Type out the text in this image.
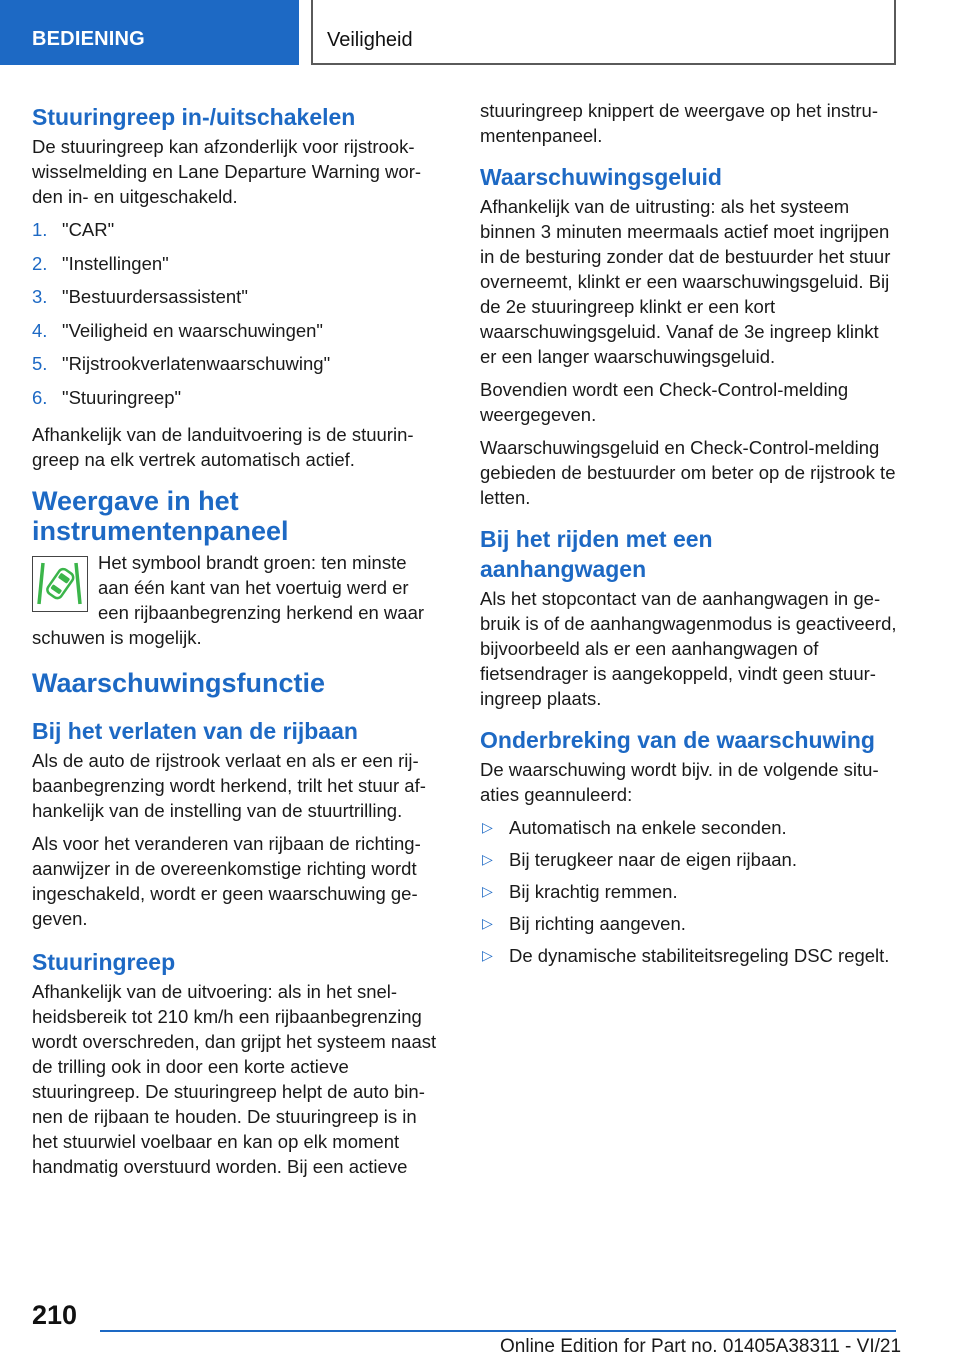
BEDIENING	Veiligheid
Stuuringreep in-/uitschakelen
De stuuringreep kan afzonderlijk voor rijstrookwisselmelding en Lane Departure Warning worden in- en uitgeschakeld.
1. "CAR"
2. "Instellingen"
3. "Bestuurdersassistent"
4. "Veiligheid en waarschuwingen"
5. "Rijstrookverlatenwaarschuwing"
6. "Stuuringreep"
Afhankelijk van de landuitvoering is de stuuringreep na elk vertrek automatisch actief.
Weergave in het instrumentenpaneel
Het symbool brandt groen: ten minste aan één kant van het voertuig werd er een rijbaanbegrenzing herkend en waar
schuwen is mogelijk.
Waarschuwingsfunctie
Bij het verlaten van de rijbaan
Als de auto de rijstrook verlaat en als er een rijbaanbegrenzing wordt herkend, trilt het stuur afhankelijk van de instelling van de stuurtrilling.
Als voor het veranderen van rijbaan de richtingaanwijzer in de overeenkomstige richting wordt ingeschakeld, wordt er geen waarschuwing gegeven.
Stuuringreep
Afhankelijk van de uitvoering: als in het snelheidsbereik tot 210 km/h een rijbaanbegrenzing wordt overschreden, dan grijpt het systeem naast de trilling ook in door een korte actieve stuuringreep. De stuuringreep helpt de auto binnen de rijbaan te houden. De stuuringreep is in het stuurwiel voelbaar en kan op elk moment handmatig overstuurd worden. Bij een actieve
stuuringreep knippert de weergave op het instrumentenpaneel.
Waarschuwingsgeluid
Afhankelijk van de uitrusting: als het systeem binnen 3 minuten meermaals actief moet ingrijpen in de besturing zonder dat de bestuurder het stuur overneemt, klinkt er een waarschuwingsgeluid. Bij de 2e stuuringreep klinkt er een kort waarschuwingsgeluid. Vanaf de 3e ingreep klinkt er een langer waarschuwingsgeluid.
Bovendien wordt een Check-Control-melding weergegeven.
Waarschuwingsgeluid en Check-Control-melding gebieden de bestuurder om beter op de rijstrook te letten.
Bij het rijden met een aanhangwagen
Als het stopcontact van de aanhangwagen in gebruik is of de aanhangwagenmodus is geactiveerd, bijvoorbeeld als er een aanhangwagen of fietsendrager is aangekoppeld, vindt geen stuuringreep plaats.
Onderbreking van de waarschuwing
De waarschuwing wordt bijv. in de volgende situaties geannuleerd:
▷ Automatisch na enkele seconden.
▷ Bij terugkeer naar de eigen rijbaan.
▷ Bij krachtig remmen.
▷ Bij richting aangeven.
▷ De dynamische stabiliteitsregeling DSC regelt.
210
Online Edition for Part no. 01405A38311 - VI/21
